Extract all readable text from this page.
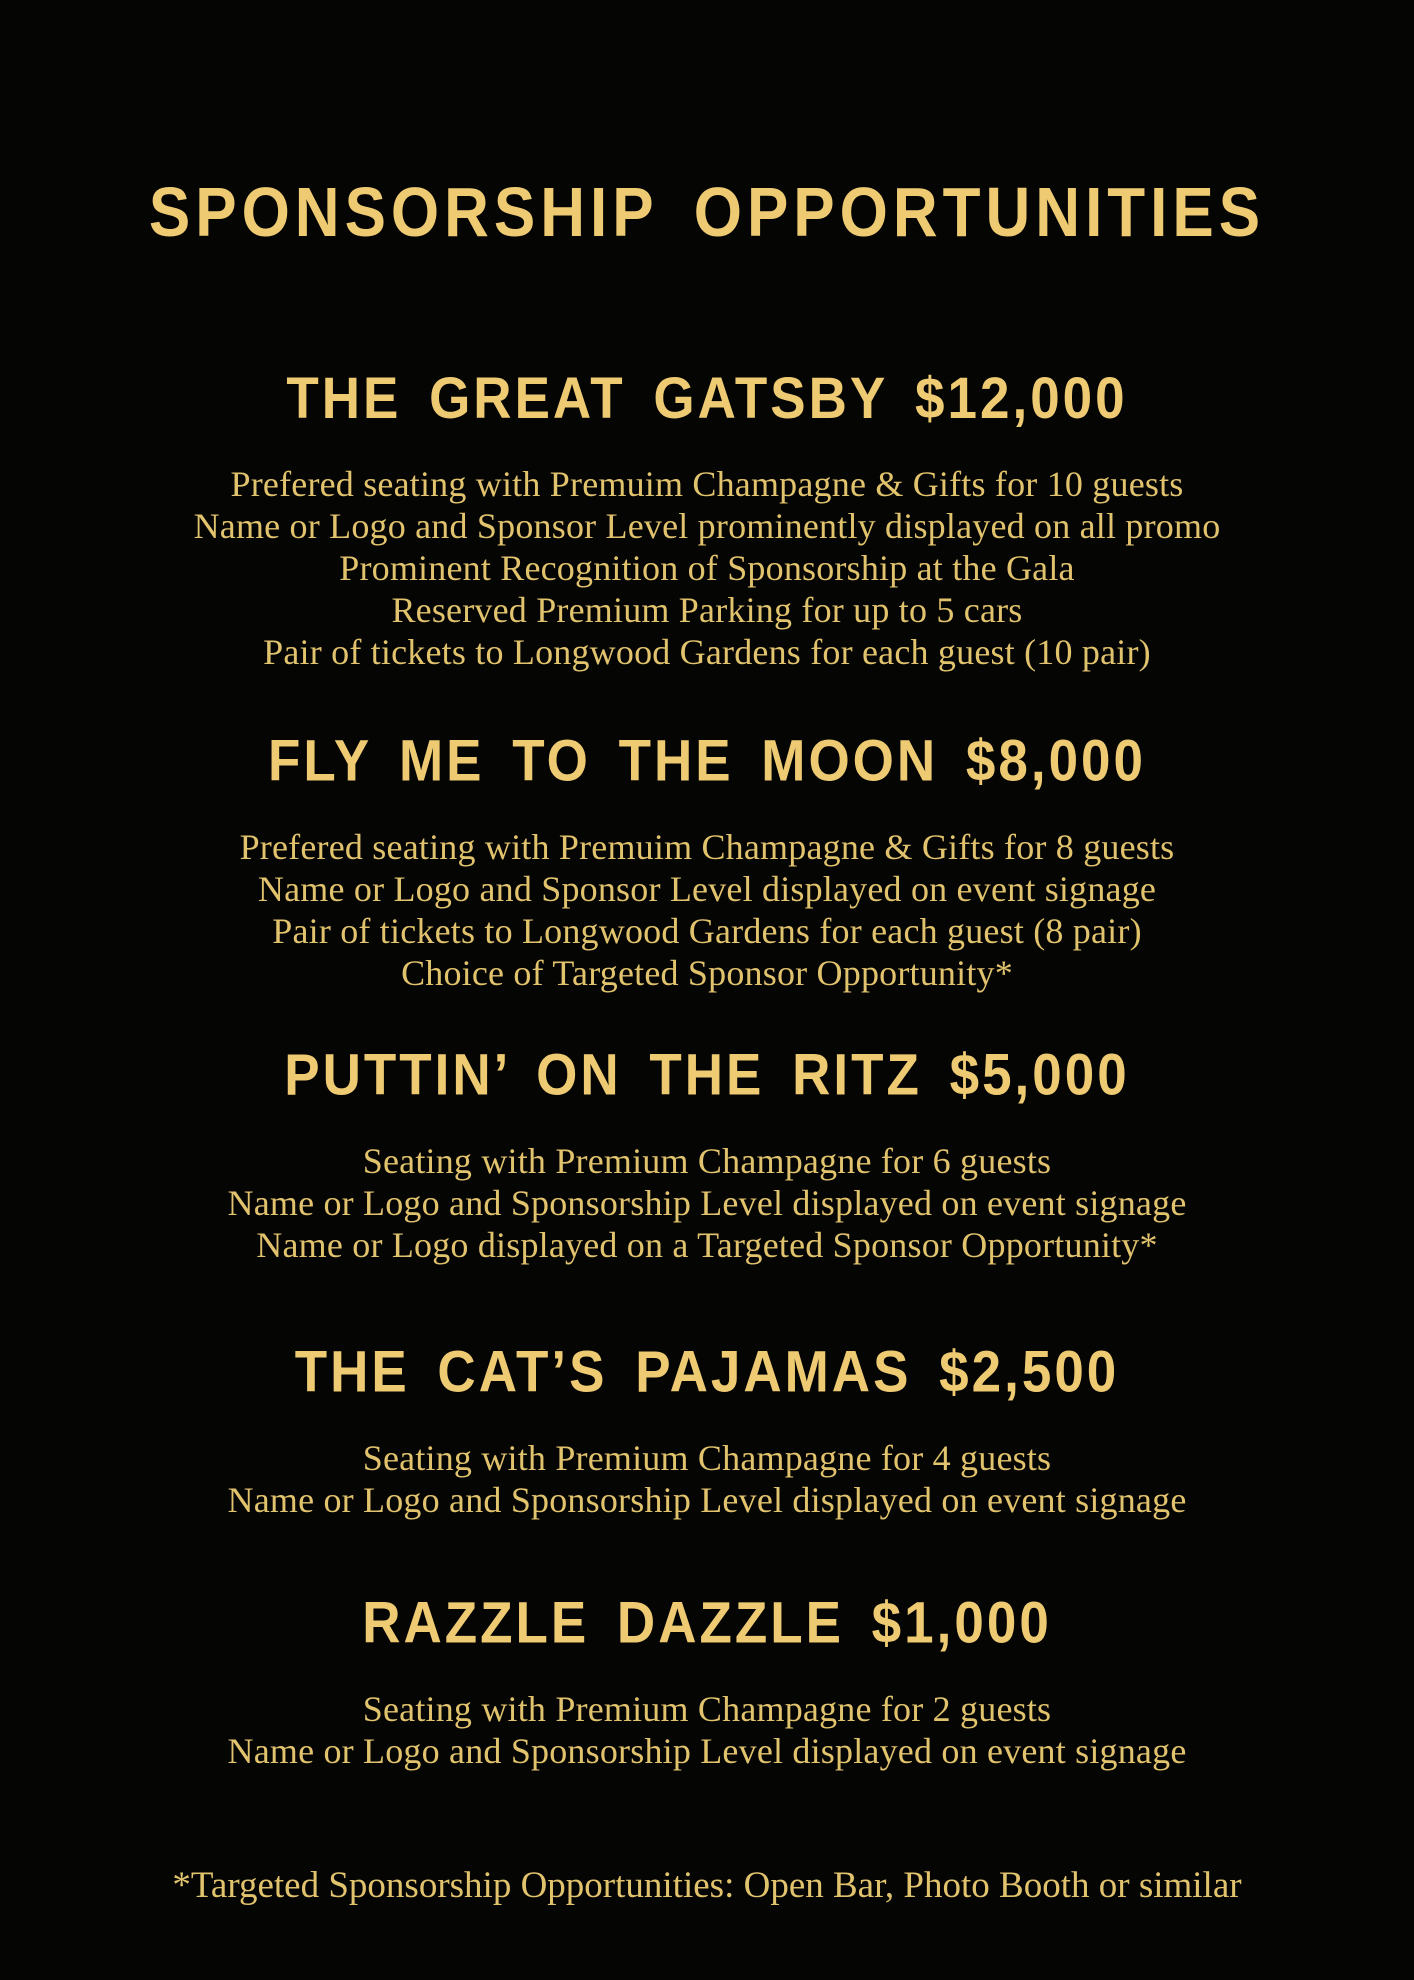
SPONSORSHIP OPPORTUNITIES
THE GREAT GATSBY $12,000

Prefered seating with Premuim Champagne & Gifts for 10 guests

Name or Logo and Sponsor Level prominently displayed on all promo

Prominent Recognition of Sponsorship at the Gala

Reserved Premium Parking for up to 5 cars

Pair of tickets to Longwood Gardens for each guest (10 pair)

FLY ME TO THE MOON $8,000

Prefered seating with Premuim Champagne & Gifts for 8 guests

Name or Logo and Sponsor Level displayed on event signage

Pair of tickets to Longwood Gardens for each guest (8 pair)

Choice of Targeted Sponsor Opportunity*

PUTTIN’ ON THE RITZ $5,000

Seating with Premium Champagne for 6 guests

Name or Logo and Sponsorship Level displayed on event signage

Name or Logo displayed on a Targeted Sponsor Opportunity*

THE CAT’S PAJAMAS $2,500

Seating with Premium Champagne for 4 guests

Name or Logo and Sponsorship Level displayed on event signage

RAZZLE DAZZLE $1,000

Seating with Premium Champagne for 2 guests

Name or Logo and Sponsorship Level displayed on event signage

*Targeted Sponsorship Opportunities: Open Bar, Photo Booth or similar
